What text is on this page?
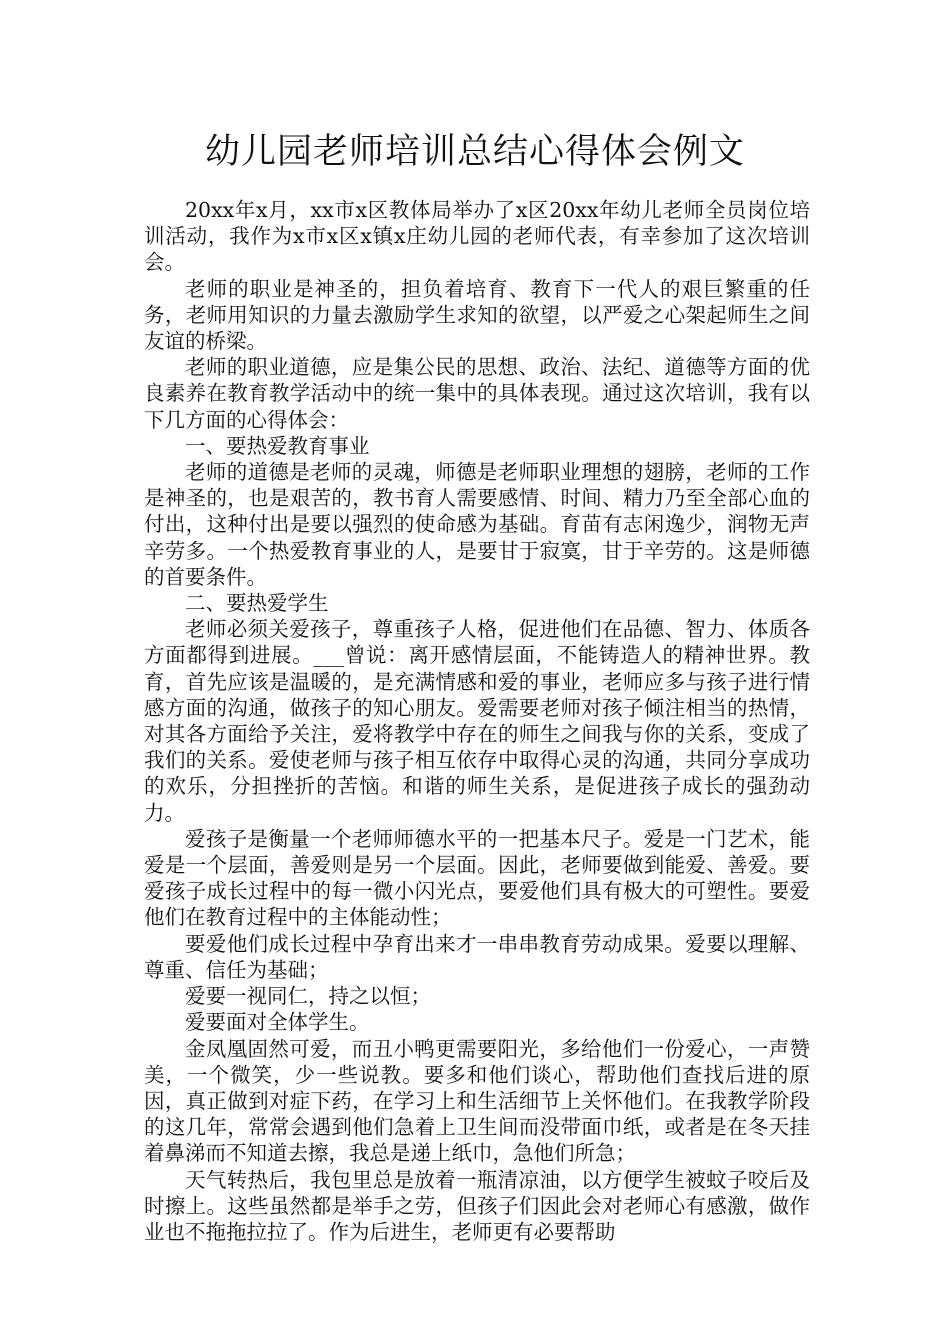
幼儿园老师培训总结心得体会例文

20xx年x月，xx市x区教体局举办了x区20xx年幼儿老师全员岗位培训活动，我作为x市x区x镇x庄幼儿园的老师代表，有幸参加了这次培训会。

老师的职业是神圣的，担负着培育、教育下一代人的艰巨繁重的任务，老师用知识的力量去激励学生求知的欲望，以严爱之心架起师生之间友谊的桥梁。

老师的职业道德，应是集公民的思想、政治、法纪、道德等方面的优良素养在教育教学活动中的统一集中的具体表现。通过这次培训，我有以下几方面的心得体会：

一、要热爱教育事业

老师的道德是老师的灵魂，师德是老师职业理想的翅膀，老师的工作是神圣的，也是艰苦的，教书育人需要感情、时间、精力乃至全部心血的付出，这种付出是要以强烈的使命感为基础。育苗有志闲逸少，润物无声辛劳多。一个热爱教育事业的人，是要甘于寂寞，甘于辛劳的。这是师德的首要条件。

二、要热爱学生

老师必须关爱孩子，尊重孩子人格，促进他们在品德、智力、体质各方面都得到进展。___曾说：离开感情层面，不能铸造人的精神世界。教育，首先应该是温暖的，是充满情感和爱的事业，老师应多与孩子进行情感方面的沟通，做孩子的知心朋友。爱需要老师对孩子倾注相当的热情，对其各方面给予关注，爱将教学中存在的师生之间我与你的关系，变成了我们的关系。爱使老师与孩子相互依存中取得心灵的沟通，共同分享成功的欢乐，分担挫折的苦恼。和谐的师生关系，是促进孩子成长的强劲动力。

爱孩子是衡量一个老师师德水平的一把基本尺子。爱是一门艺术，能爱是一个层面，善爱则是另一个层面。因此，老师要做到能爱、善爱。要爱孩子成长过程中的每一微小闪光点，要爱他们具有极大的可塑性。要爱他们在教育过程中的主体能动性；

要爱他们成长过程中孕育出来才一串串教育劳动成果。爱要以理解、尊重、信任为基础；

爱要一视同仁，持之以恒；

爱要面对全体学生。

金凤凰固然可爱，而丑小鸭更需要阳光，多给他们一份爱心，一声赞美，一个微笑，少一些说教。要多和他们谈心，帮助他们查找后进的原因，真正做到对症下药，在学习上和生活细节上关怀他们。在我教学阶段的这几年，常常会遇到他们急着上卫生间而没带面巾纸，或者是在冬天挂着鼻涕而不知道去擦，我总是递上纸巾，急他们所急；

天气转热后，我包里总是放着一瓶清凉油，以方便学生被蚊子咬后及时擦上。这些虽然都是举手之劳，但孩子们因此会对老师心有感激，做作业也不拖拖拉拉了。作为后进生，老师更有必要帮助
